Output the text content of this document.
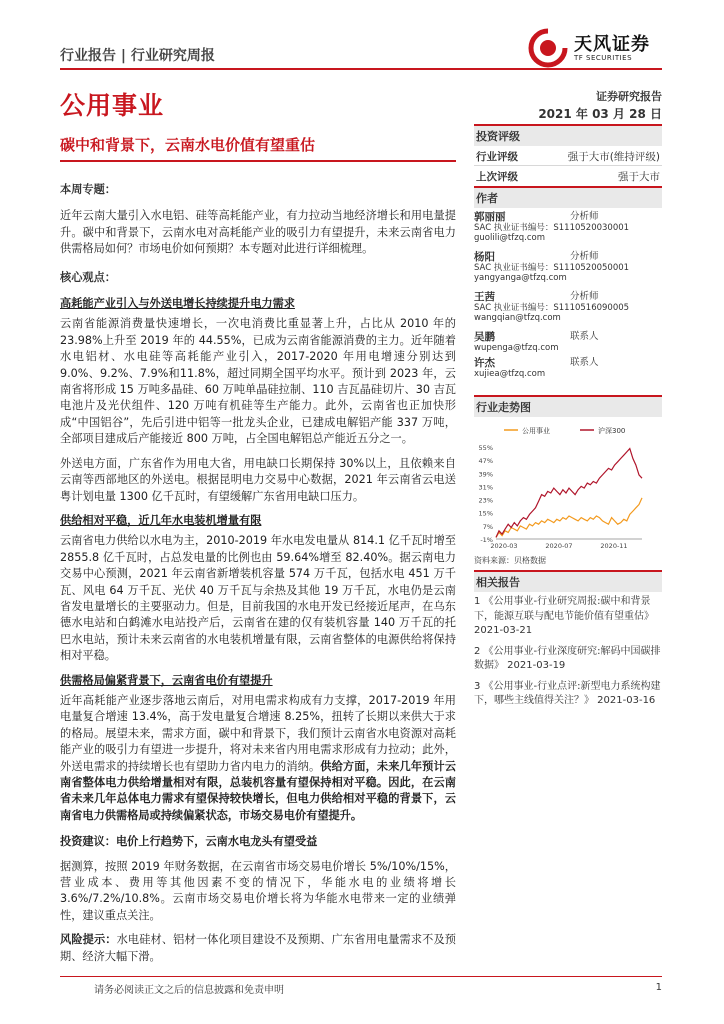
行业报告 | 行业研究周报
天风证券
TF SECURITIES
公用事业	证券研究报告
2021 年 03 月 28 日
碳中和背景下，云南水电价值有望重估

本周专题：

近年云南大量引入水电铝、硅等高耗能产业，有力拉动当地经济增长和用电量提升。碳中和背景下，云南水电对高耗能产业的吸引力有望提升，未来云南省电力供需格局如何？市场电价如何预期？本专题对此进行详细梳理。

核心观点：

高耗能产业引入与外送电增长持续提升电力需求

云南省能源消费量快速增长，一次电消费比重显著上升，占比从 2010 年的 23.98%上升至 2019 年的 44.55%，已成为云南省能源消费的主力。近年随着水电铝材、水电硅等高耗能产业引入，2017-2020 年用电增速分别达到 9.0%、9.2%、7.9%和11.8%，超过同期全国平均水平。预计到 2023 年，云南省将形成 15 万吨多晶硅、60 万吨单晶硅拉制、110 吉瓦晶硅切片、30 吉瓦电池片及光伏组件、120 万吨有机硅等生产能力。此外，云南省也正加快形成“中国铝谷”，先后引进中铝等一批龙头企业，已建成电解铝产能 337 万吨，全部项目建成后产能接近 800 万吨，占全国电解铝总产能近五分之一。

外送电方面，广东省作为用电大省，用电缺口长期保持 30%以上，且依赖来自云南等西部地区的外送电。根据昆明电力交易中心数据，2021 年云南省云电送粤计划电量 1300 亿千瓦时，有望缓解广东省用电缺口压力。

供给相对平稳，近几年水电装机增量有限

云南省电力供给以水电为主，2010-2019 年水电发电量从 814.1 亿千瓦时增至 2855.8 亿千瓦时，占总发电量的比例也由 59.64%增至 82.40%。据云南电力交易中心预测，2021 年云南省新增装机容量 574 万千瓦，包括水电 451 万千瓦、风电 64 万千瓦、光伏 40 万千瓦与余热及其他 19 万千瓦，水电仍是云南省发电量增长的主要驱动力。但是，目前我国的水电开发已经接近尾声，在乌东德水电站和白鹤滩水电站投产后，云南省在建的仅有装机容量 140 万千瓦的托巴水电站，预计未来云南省的水电装机增量有限，云南省整体的电源供给将保持相对平稳。

供需格局偏紧背景下，云南省电价有望提升

近年高耗能产业逐步落地云南后，对用电需求构成有力支撑，2017-2019 年用电量复合增速 13.4%，高于发电量复合增速 8.25%，扭转了长期以来供大于求的格局。展望未来，需求方面，碳中和背景下，我们预计云南省水电资源对高耗能产业的吸引力有望进一步提升，将对未来省内用电需求形成有力拉动；此外，外送电需求的持续增长也有望助力省内电力的消纳。供给方面，未来几年预计云南省整体电力供给增量相对有限，总装机容量有望保持相对平稳。因此，在云南省未来几年总体电力需求有望保持较快增长，但电力供给相对平稳的背景下，云南省电力供需格局或持续偏紧状态，市场交易电价有望提升。

投资建议：电价上行趋势下，云南水电龙头有望受益

据测算，按照 2019 年财务数据，在云南省市场交易电价增长 5%/10%/15%，营业成本、费用等其他因素不变的情况下，华能水电的业绩将增长 3.6%/7.2%/10.8%。云南市场交易电价增长将为华能水电带来一定的业绩弹性，建议重点关注。

风险提示：水电硅材、铝材一体化项目建设不及预期、广东省用电量需求不及预期、经济大幅下滑。

投资评级
行业评级	强于大市(维持评级)
上次评级	强于大市
作者
郭丽丽	分析师
SAC 执业证书编号：S1110520030001
guolili@tfzq.com
杨阳	分析师
SAC 执业证书编号：S1110520050001
yangyanga@tfzq.com
王茜	分析师
SAC 执业证书编号：S1110516090005
wangqian@tfzq.com
吴鹏	联系人
wupenga@tfzq.com
许杰	联系人
xujiea@tfzq.com
行业走势图
-1%
7%
15%
23%
31%
39%
47%
55%
2020-03	2020-07	2020-11
公用事业	沪深300
资料来源：贝格数据
相关报告

1 《公用事业-行业研究周报:碳中和背景下，能源互联与配电节能价值有望重估》 2021-03-21

2 《公用事业-行业深度研究:解码中国碳排数据》 2021-03-19

3 《公用事业-行业点评:新型电力系统构建下，哪些主线值得关注？》 2021-03-16

请务必阅读正文之后的信息披露和免责申明	1
